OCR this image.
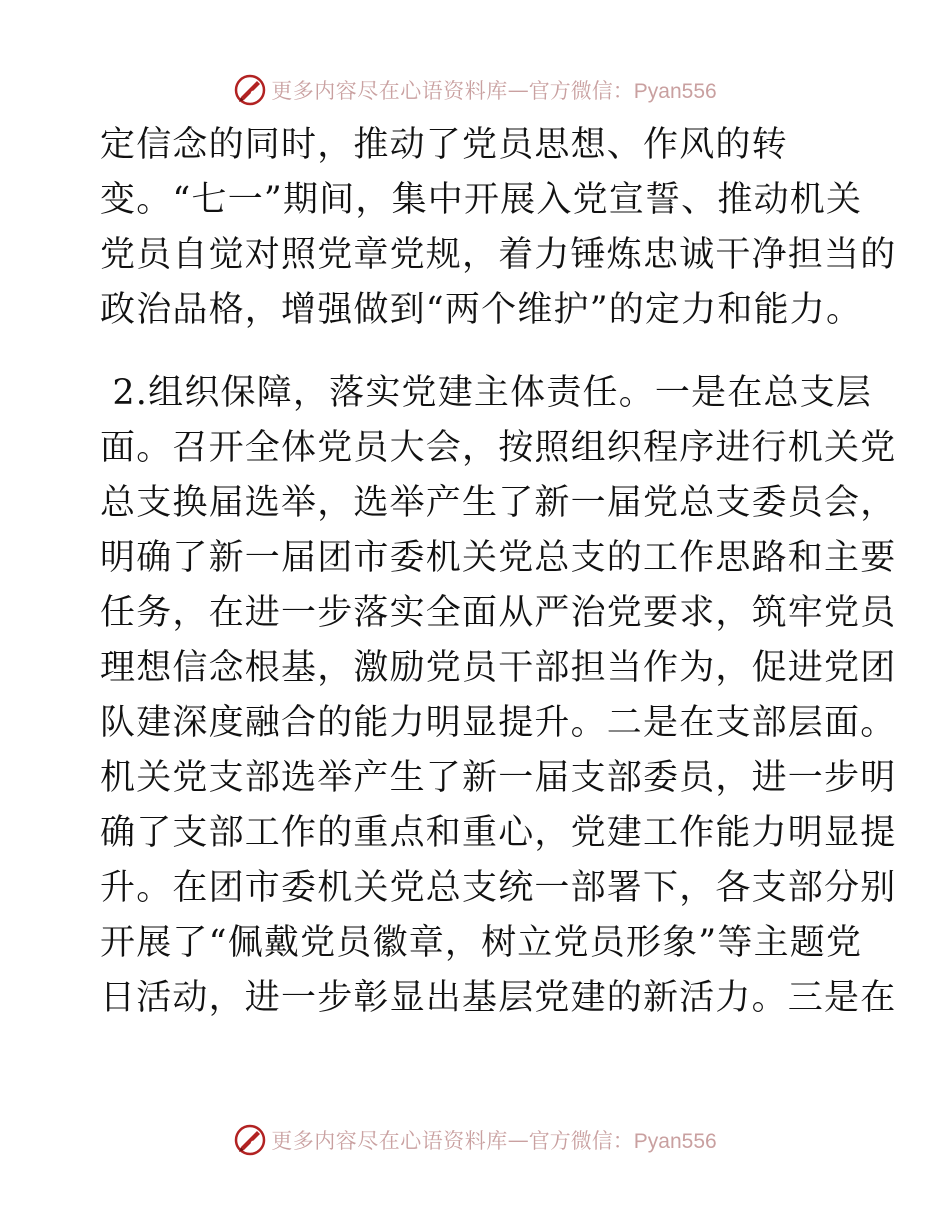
更多内容尽在心语资料库 — 官方微信：Pyan556
定信念的同时，推动了党员思想、作风的转
变。“七一”期间，集中开展入党宣誓、推动机关
党员自觉对照党章党规，着力锤炼忠诚干净担当的
政治品格，增强做到“两个维护”的定力和能力。
2.组织保障，落实党建主体责任。一是在总支层
面。召开全体党员大会，按照组织程序进行机关党
总支换届选举，选举产生了新一届党总支委员会，
明确了新一届团市委机关党总支的工作思路和主要
任务，在进一步落实全面从严治党要求，筑牢党员
理想信念根基，激励党员干部担当作为，促进党团
队建深度融合的能力明显提升。二是在支部层面。
机关党支部选举产生了新一届支部委员，进一步明
确了支部工作的重点和重心，党建工作能力明显提
升。在团市委机关党总支统一部署下，各支部分别
开展了“佩戴党员徽章，树立党员形象”等主题党
日活动，进一步彰显出基层党建的新活力。三是在
更多内容尽在心语资料库 — 官方微信：Pyan556
